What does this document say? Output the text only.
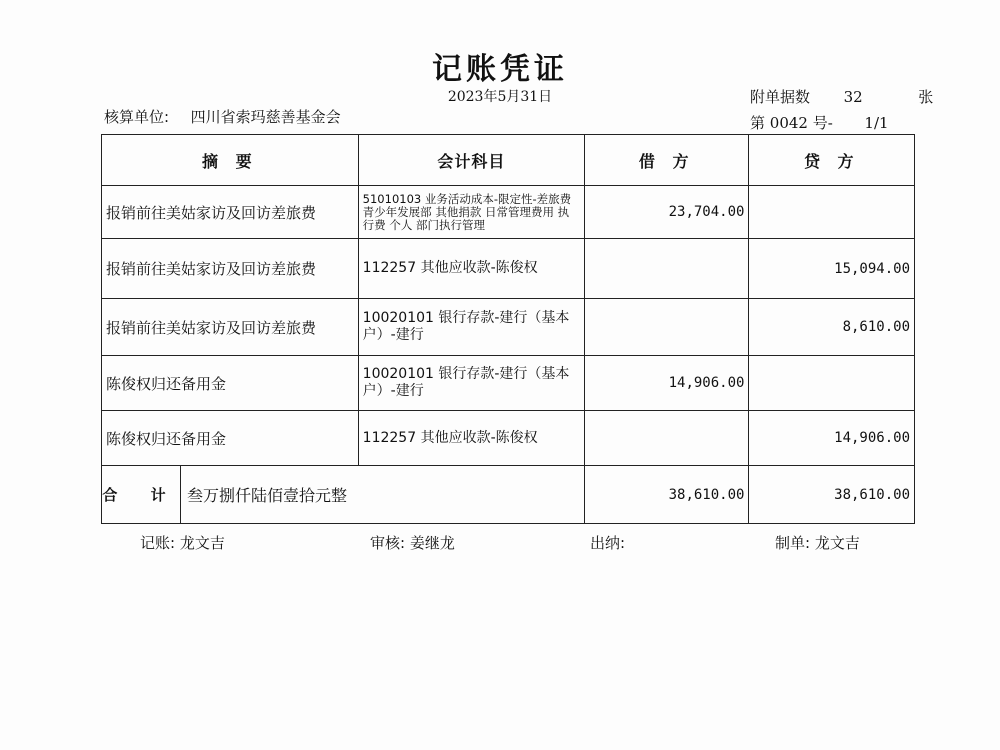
记账凭证
2023年5月31日	附单据数 32	张
第 0042 号- 1/1
核算单位: 四川省索玛慈善基金会
摘 要	会计科目	借 方	贷 方
报销前往美姑家访及回访差旅费	51010103 业务活动成本-限定性-差旅费 青少年发展部 其他捐款 日常管理费用 执行费 个人 部门执行管理	23,704.00	
报销前往美姑家访及回访差旅费	112257 其他应收款-陈俊权		15,094.00
报销前往美姑家访及回访差旅费	10020101 银行存款-建行（基本户）-建行		8,610.00
陈俊权归还备用金	10020101 银行存款-建行（基本户）-建行	14,906.00	
陈俊权归还备用金	112257 其他应收款-陈俊权		14,906.00

合 计 叁万捌仟陆佰壹拾元整		38,610.00	38,610.00
记账: 龙文吉	审核: 姜继龙	出纳:	制单: 龙文吉
